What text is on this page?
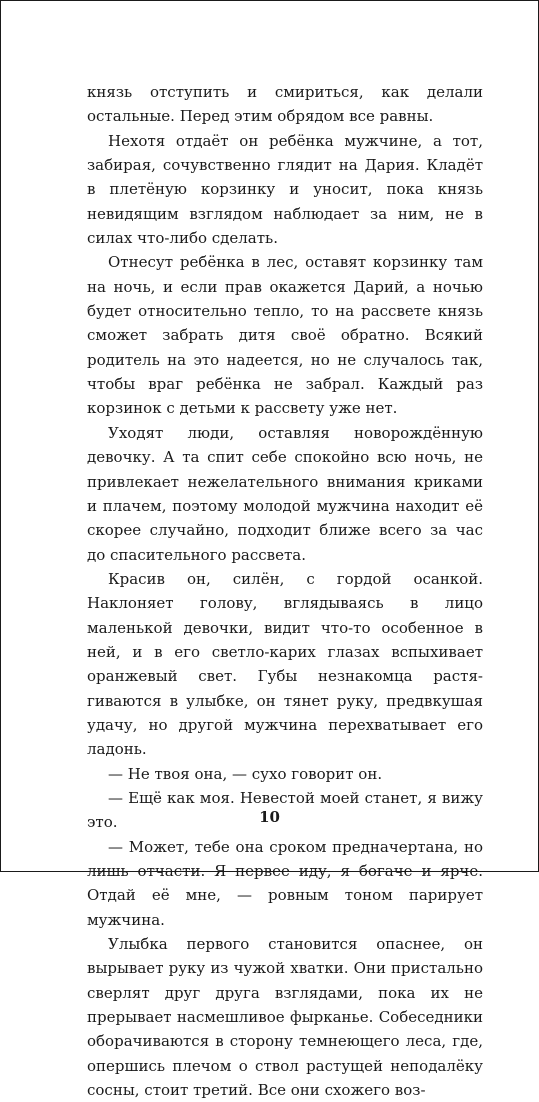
князь отступить и смириться, как делали остальные. Перед этим обрядом все равны.

Нехотя отдаёт он ребёнка мужчине, а тот, забирая, сочувственно глядит на Дария. Кладёт в плетёную корзинку и уносит, пока князь невидящим взглядом наблюдает за ним, не в силах что-либо сделать.

Отнесут ребёнка в лес, оставят корзинку там на ночь, и если прав окажется Дарий, а ночью будет относительно тепло, то на рассвете князь сможет забрать дитя своё обратно. Всякий родитель на это надеется, но не случалось так, чтобы враг ребёнка не забрал. Каждый раз корзинок с детьми к рассвету уже нет.

Уходят люди, оставляя новорождённую девочку. А та спит себе спокойно всю ночь, не привлекает нежелательного внимания криками и плачем, поэтому молодой мужчина находит её скорее случайно, подходит ближе всего за час до спасительного рассвета.

Красив он, силён, с гордой осанкой. Наклоняет голову, вглядываясь в лицо маленькой девочки, видит что-то особенное в ней, и в его светло-карих глазах вспыхивает оранжевый свет. Губы незнакомца растягиваются в улыбке, он тянет руку, предвкушая удачу, но другой мужчина перехватывает его ладонь.

— Не твоя она, — сухо говорит он.

— Ещё как моя. Невестой моей станет, я вижу это.

— Может, тебе она сроком предначертана, но лишь отчасти. Я первее иду, я богаче и ярче. Отдай её мне, — ровным тоном парирует мужчина.

Улыбка первого становится опаснее, он вырывает руку из чужой хватки. Они пристально сверлят друг друга взглядами, пока их не прерывает насмешливое фырканье. Собеседники оборачиваются в сторону темнеющего леса, где, опершись плечом о ствол растущей неподалёку сосны, стоит третий. Все они схожего воз-

10
